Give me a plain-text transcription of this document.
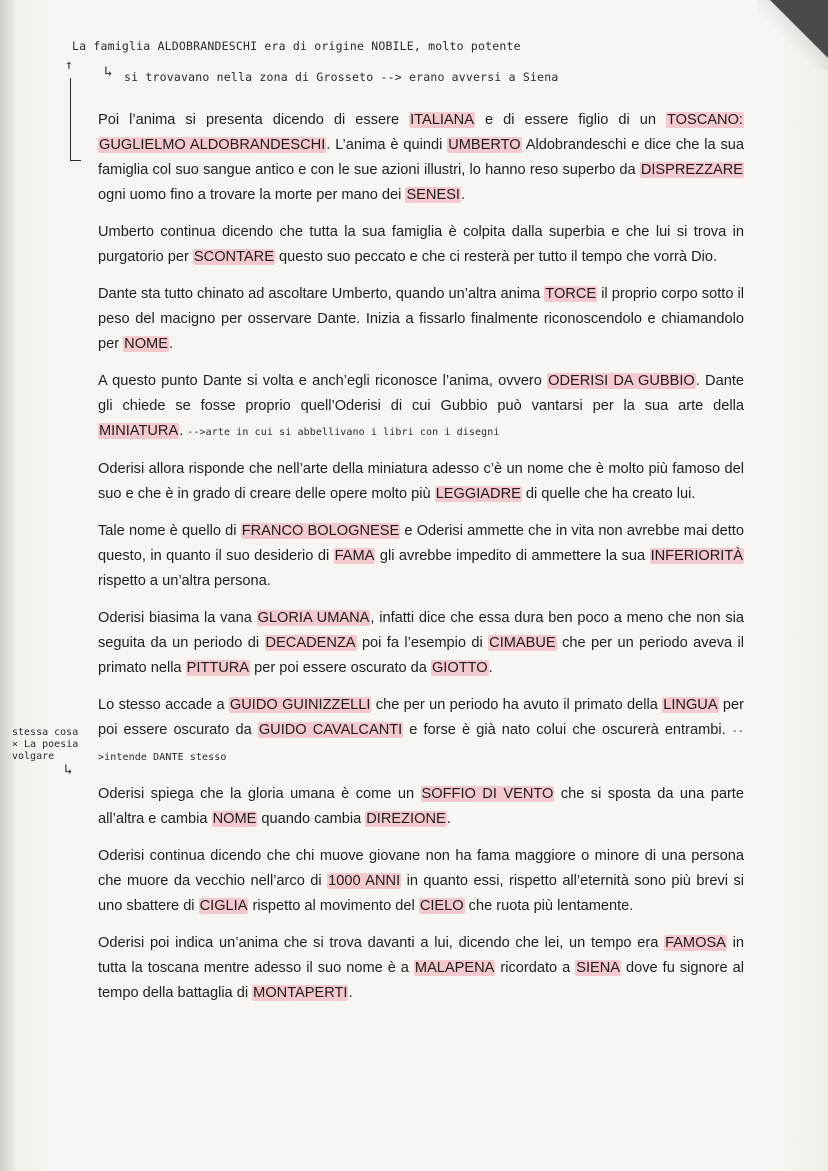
La famiglia ALDOBRANDESCHI era di origine NOBILE, molto potente
↑ ↳ si trovavano nella zona di Grosseto --> erano avversi a Siena
stessa cosa
× La poesia
volgare
↳

Poi l’anima si presenta dicendo di essere ITALIANA e di essere figlio di un TOSCANO: GUGLIELMO ALDOBRANDESCHI. L’anima è quindi UMBERTO Aldobrandeschi e dice che la sua famiglia col suo sangue antico e con le sue azioni illustri, lo hanno reso superbo da DISPREZZARE ogni uomo fino a trovare la morte per mano dei SENESI.

Umberto continua dicendo che tutta la sua famiglia è colpita dalla superbia e che lui si trova in purgatorio per SCONTARE questo suo peccato e che ci resterà per tutto il tempo che vorrà Dio.

Dante sta tutto chinato ad ascoltare Umberto, quando un’altra anima TORCE il proprio corpo sotto il peso del macigno per osservare Dante. Inizia a fissarlo finalmente riconoscendolo e chiamandolo per NOME.

A questo punto Dante si volta e anch’egli riconosce l’anima, ovvero ODERISI DA GUBBIO. Dante gli chiede se fosse proprio quell’Oderisi di cui Gubbio può vantarsi per la sua arte della MINIATURA. -->arte in cui si abbellivano i libri con i disegni

Oderisi allora risponde che nell’arte della miniatura adesso c’è un nome che è molto più famoso del suo e che è in grado di creare delle opere molto più LEGGIADRE di quelle che ha creato lui.

Tale nome è quello di FRANCO BOLOGNESE e Oderisi ammette che in vita non avrebbe mai detto questo, in quanto il suo desiderio di FAMA gli avrebbe impedito di ammettere la sua INFERIORITÀ rispetto a un’altra persona.

Oderisi biasima la vana GLORIA UMANA, infatti dice che essa dura ben poco a meno che non sia seguita da un periodo di DECADENZA poi fa l’esempio di CIMABUE che per un periodo aveva il primato nella PITTURA per poi essere oscurato da GIOTTO.

Lo stesso accade a GUIDO GUINIZZELLI che per un periodo ha avuto il primato della LINGUA per poi essere oscurato da GUIDO CAVALCANTI e forse è già nato colui che oscurerà entrambi. -->intende DANTE stesso

Oderisi spiega che la gloria umana è come un SOFFIO DI VENTO che si sposta da una parte all’altra e cambia NOME quando cambia DIREZIONE.

Oderisi continua dicendo che chi muove giovane non ha fama maggiore o minore di una persona che muore da vecchio nell’arco di 1000 ANNI in quanto essi, rispetto all’eternità sono più brevi si uno sbattere di CIGLIA rispetto al movimento del CIELO che ruota più lentamente.

Oderisi poi indica un’anima che si trova davanti a lui, dicendo che lei, un tempo era FAMOSA in tutta la toscana mentre adesso il suo nome è a MALAPENA ricordato a SIENA dove fu signore al tempo della battaglia di MONTAPERTI.
